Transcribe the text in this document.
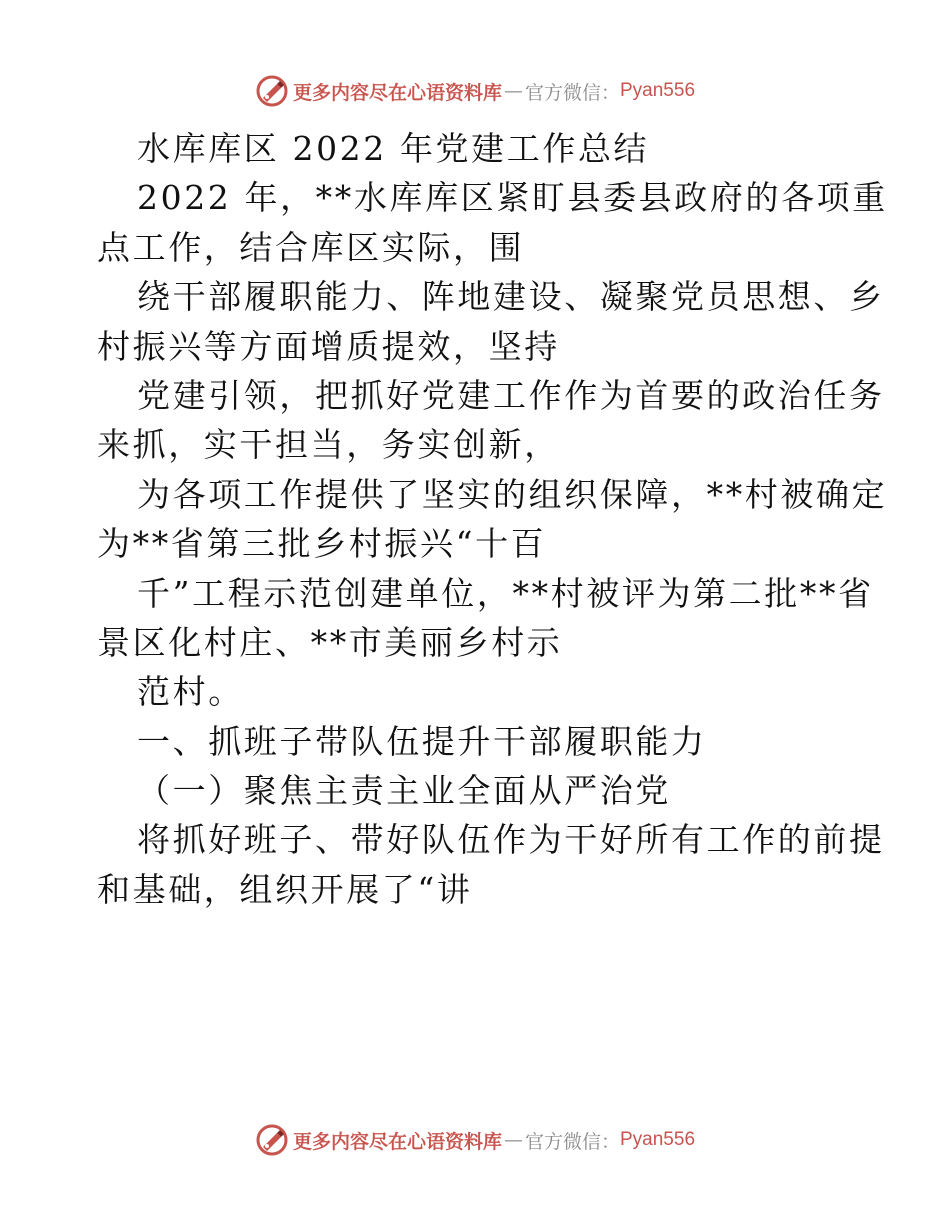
更多内容尽在心语资料库 — 官方微信： Pyan556
水库库区 2022 年党建工作总结
2022 年，**水库库区紧盯县委县政府的各项重
点工作，结合库区实际，围
绕干部履职能力、阵地建设、凝聚党员思想、乡
村振兴等方面增质提效，坚持
党建引领，把抓好党建工作作为首要的政治任务
来抓，实干担当，务实创新，
为各项工作提供了坚实的组织保障，**村被确定
为**省第三批乡村振兴“十百
千”工程示范创建单位，**村被评为第二批**省
景区化村庄、**市美丽乡村示
范村。
一、抓班子带队伍提升干部履职能力
（一）聚焦主责主业全面从严治党
将抓好班子、带好队伍作为干好所有工作的前提
和基础，组织开展了“讲
更多内容尽在心语资料库 — 官方微信： Pyan556
